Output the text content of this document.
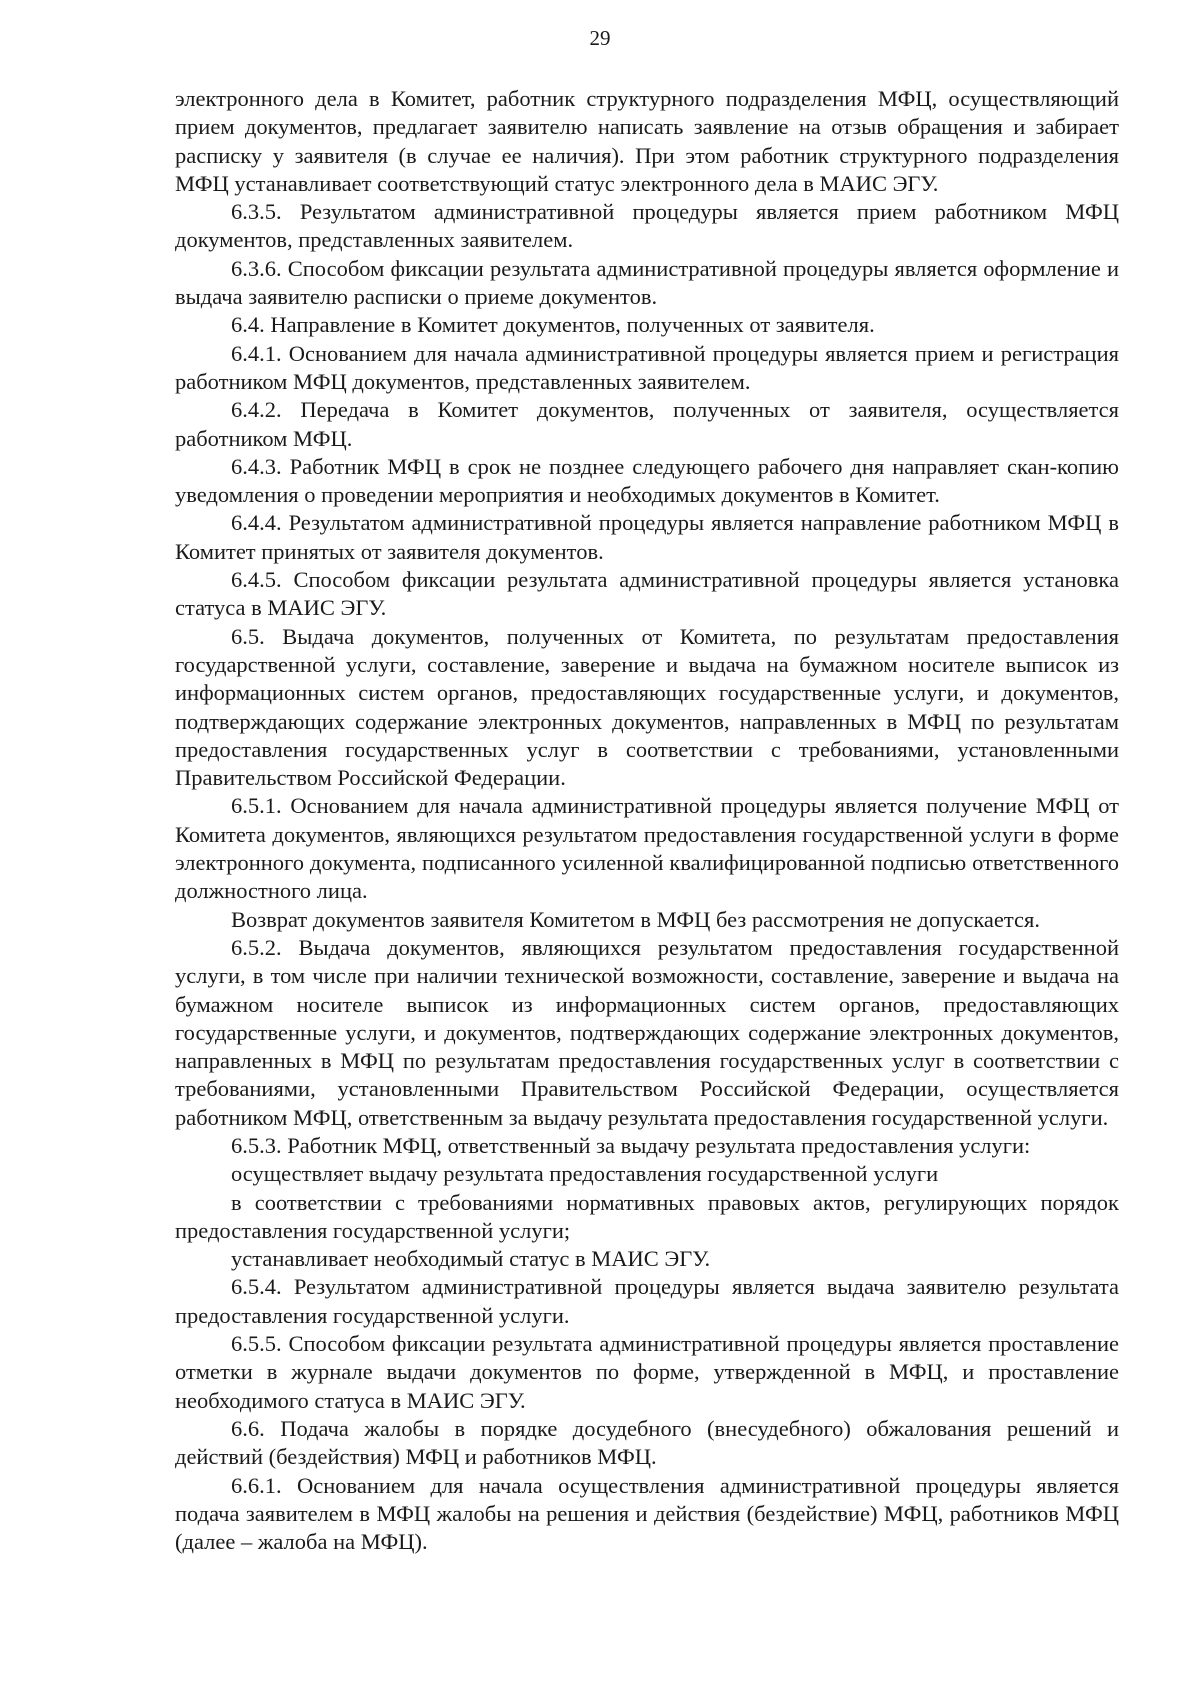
29

электронного дела в Комитет, работник структурного подразделения МФЦ, осуществляющий прием документов, предлагает заявителю написать заявление на отзыв обращения и забирает расписку у заявителя (в случае ее наличия). При этом работник структурного подразделения МФЦ устанавливает соответствующий статус электронного дела в МАИС ЭГУ.

6.3.5. Результатом административной процедуры является прием работником МФЦ документов, представленных заявителем.

6.3.6. Способом фиксации результата административной процедуры является оформление и выдача заявителю расписки о приеме документов.

6.4. Направление в Комитет документов, полученных от заявителя.

6.4.1. Основанием для начала административной процедуры является прием и регистрация работником МФЦ документов, представленных заявителем.

6.4.2. Передача в Комитет документов, полученных от заявителя, осуществляется работником МФЦ.

6.4.3. Работник МФЦ в срок не позднее следующего рабочего дня направляет скан-копию уведомления о проведении мероприятия и необходимых документов в Комитет.

6.4.4. Результатом административной процедуры является направление работником МФЦ в Комитет принятых от заявителя документов.

6.4.5. Способом фиксации результата административной процедуры является установка статуса в МАИС ЭГУ.

6.5. Выдача документов, полученных от Комитета, по результатам предоставления государственной услуги, составление, заверение и выдача на бумажном носителе выписок из информационных систем органов, предоставляющих государственные услуги, и документов, подтверждающих содержание электронных документов, направленных в МФЦ по результатам предоставления государственных услуг в соответствии с требованиями, установленными Правительством Российской Федерации.

6.5.1. Основанием для начала административной процедуры является получение МФЦ от Комитета документов, являющихся результатом предоставления государственной услуги в форме электронного документа, подписанного усиленной квалифицированной подписью ответственного должностного лица.

Возврат документов заявителя Комитетом в МФЦ без рассмотрения не допускается.

6.5.2. Выдача документов, являющихся результатом предоставления государственной услуги, в том числе при наличии технической возможности, составление, заверение и выдача на бумажном носителе выписок из информационных систем органов, предоставляющих государственные услуги, и документов, подтверждающих содержание электронных документов, направленных в МФЦ по результатам предоставления государственных услуг в соответствии с требованиями, установленными Правительством Российской Федерации, осуществляется работником МФЦ, ответственным за выдачу результата предоставления государственной услуги.

6.5.3. Работник МФЦ, ответственный за выдачу результата предоставления услуги:

осуществляет выдачу результата предоставления государственной услуги

в соответствии с требованиями нормативных правовых актов, регулирующих порядок предоставления государственной услуги;

устанавливает необходимый статус в МАИС ЭГУ.

6.5.4. Результатом административной процедуры является выдача заявителю результата предоставления государственной услуги.

6.5.5. Способом фиксации результата административной процедуры является проставление отметки в журнале выдачи документов по форме, утвержденной в МФЦ, и проставление необходимого статуса в МАИС ЭГУ.

6.6. Подача жалобы в порядке досудебного (внесудебного) обжалования решений и действий (бездействия) МФЦ и работников МФЦ.

6.6.1. Основанием для начала осуществления административной процедуры является подача заявителем в МФЦ жалобы на решения и действия (бездействие) МФЦ, работников МФЦ (далее – жалоба на МФЦ).
